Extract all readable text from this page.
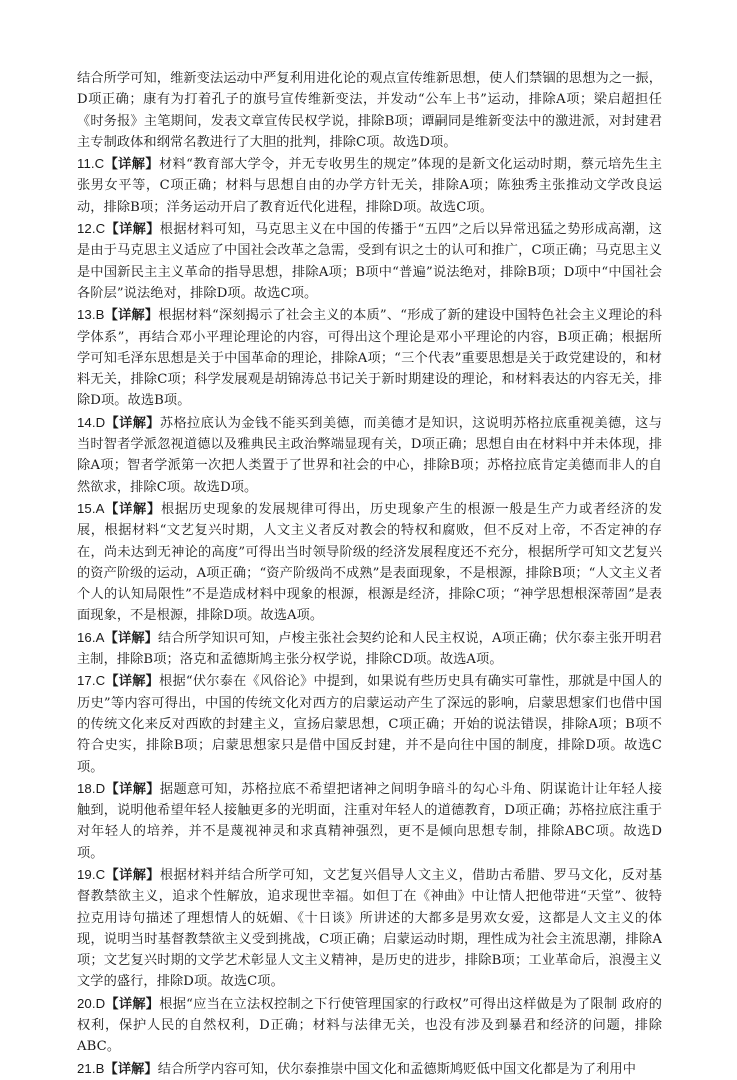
结合所学可知，维新变法运动中严复利用进化论的观点宣传维新思想，使人们禁锢的思想为之一振，D项正确；康有为打着孔子的旗号宣传维新变法，并发动“公车上书”运动，排除A项；梁启超担任《时务报》主笔期间，发表文章宣传民权学说，排除B项；谭嗣同是维新变法中的激进派，对封建君主专制政体和纲常名教进行了大胆的批判，排除C项。故选D项。

11.C【详解】材料“教育部大学令，并无专收男生的规定”体现的是新文化运动时期，蔡元培先生主张男女平等，C项正确；材料与思想自由的办学方针无关，排除A项；陈独秀主张推动文学改良运动，排除B项；洋务运动开启了教育近代化进程，排除D项。故选C项。

12.C【详解】根据材料可知，马克思主义在中国的传播于“五四”之后以异常迅猛之势形成高潮，这是由于马克思主义适应了中国社会改革之急需，受到有识之士的认可和推广，C项正确；马克思主义是中国新民主主义革命的指导思想，排除A项；B项中“普遍”说法绝对，排除B项；D项中“中国社会各阶层”说法绝对，排除D项。故选C项。

13.B【详解】根据材料“深刻揭示了社会主义的本质”、“形成了新的建设中国特色社会主义理论的科学体系”，再结合邓小平理论理论的内容，可得出这个理论是邓小平理论的内容，B项正确；根据所学可知毛泽东思想是关于中国革命的理论，排除A项；“三个代表”重要思想是关于政党建设的，和材料无关，排除C项；科学发展观是胡锦涛总书记关于新时期建设的理论，和材料表达的内容无关，排除D项。故选B项。

14.D【详解】苏格拉底认为金钱不能买到美德，而美德才是知识，这说明苏格拉底重视美德，这与当时智者学派忽视道德以及雅典民主政治弊端显现有关，D项正确；思想自由在材料中并未体现，排除A项；智者学派第一次把人类置于了世界和社会的中心，排除B项；苏格拉底肯定美德而非人的自然欲求，排除C项。故选D项。

15.A【详解】根据历史现象的发展规律可得出，历史现象产生的根源一般是生产力或者经济的发展，根据材料“文艺复兴时期，人文主义者反对教会的特权和腐败，但不反对上帝，不否定神的存在，尚未达到无神论的高度”可得出当时领导阶级的经济发展程度还不充分，根据所学可知文艺复兴的资产阶级的运动，A项正确；“资产阶级尚不成熟”是表面现象，不是根源，排除B项；“人文主义者个人的认知局限性”不是造成材料中现象的根源，根源是经济，排除C项；“神学思想根深蒂固”是表面现象，不是根源，排除D项。故选A项。

16.A【详解】结合所学知识可知，卢梭主张社会契约论和人民主权说，A项正确；伏尔泰主张开明君主制，排除B项；洛克和孟德斯鸠主张分权学说，排除CD项。故选A项。

17.C【详解】根据“伏尔泰在《风俗论》中提到，如果说有些历史具有确实可靠性，那就是中国人的历史”等内容可得出，中国的传统文化对西方的启蒙运动产生了深远的影响，启蒙思想家们也借中国的传统文化来反对西欧的封建主义，宣扬启蒙思想，C项正确；开始的说法错误，排除A项；B项不符合史实，排除B项；启蒙思想家只是借中国反封建，并不是向往中国的制度，排除D项。故选C项。

18.D【详解】据题意可知，苏格拉底不希望把诸神之间明争暗斗的勾心斗角、阴谋诡计让年轻人接触到，说明他希望年轻人接触更多的光明面，注重对年轻人的道德教育，D项正确；苏格拉底注重于对年轻人的培养，并不是蔑视神灵和求真精神强烈，更不是倾向思想专制，排除ABC项。故选D项。

19.C【详解】根据材料并结合所学可知，文艺复兴倡导人文主义，借助古希腊、罗马文化，反对基督教禁欲主义，追求个性解放，追求现世幸福。如但丁在《神曲》中让情人把他带进“天堂”、彼特拉克用诗句描述了理想情人的妩媚、《十日谈》所讲述的大都多是男欢女爱，这都是人文主义的体现，说明当时基督教禁欲主义受到挑战，C项正确；启蒙运动时期，理性成为社会主流思潮，排除A项；文艺复兴时期的文学艺术彰显人文主义精神，是历史的进步，排除B项；工业革命后，浪漫主义文学的盛行，排除D项。故选C项。

20.D【详解】根据“应当在立法权控制之下行使管理国家的行政权”可得出这样做是为了限制 政府的权利，保护人民的自然权利，D正确；材料与法律无关，也没有涉及到暴君和经济的问题，排除ABC。

21.B【详解】结合所学内容可知，伏尔泰推崇中国文化和孟德斯鸠贬低中国文化都是为了利用中
